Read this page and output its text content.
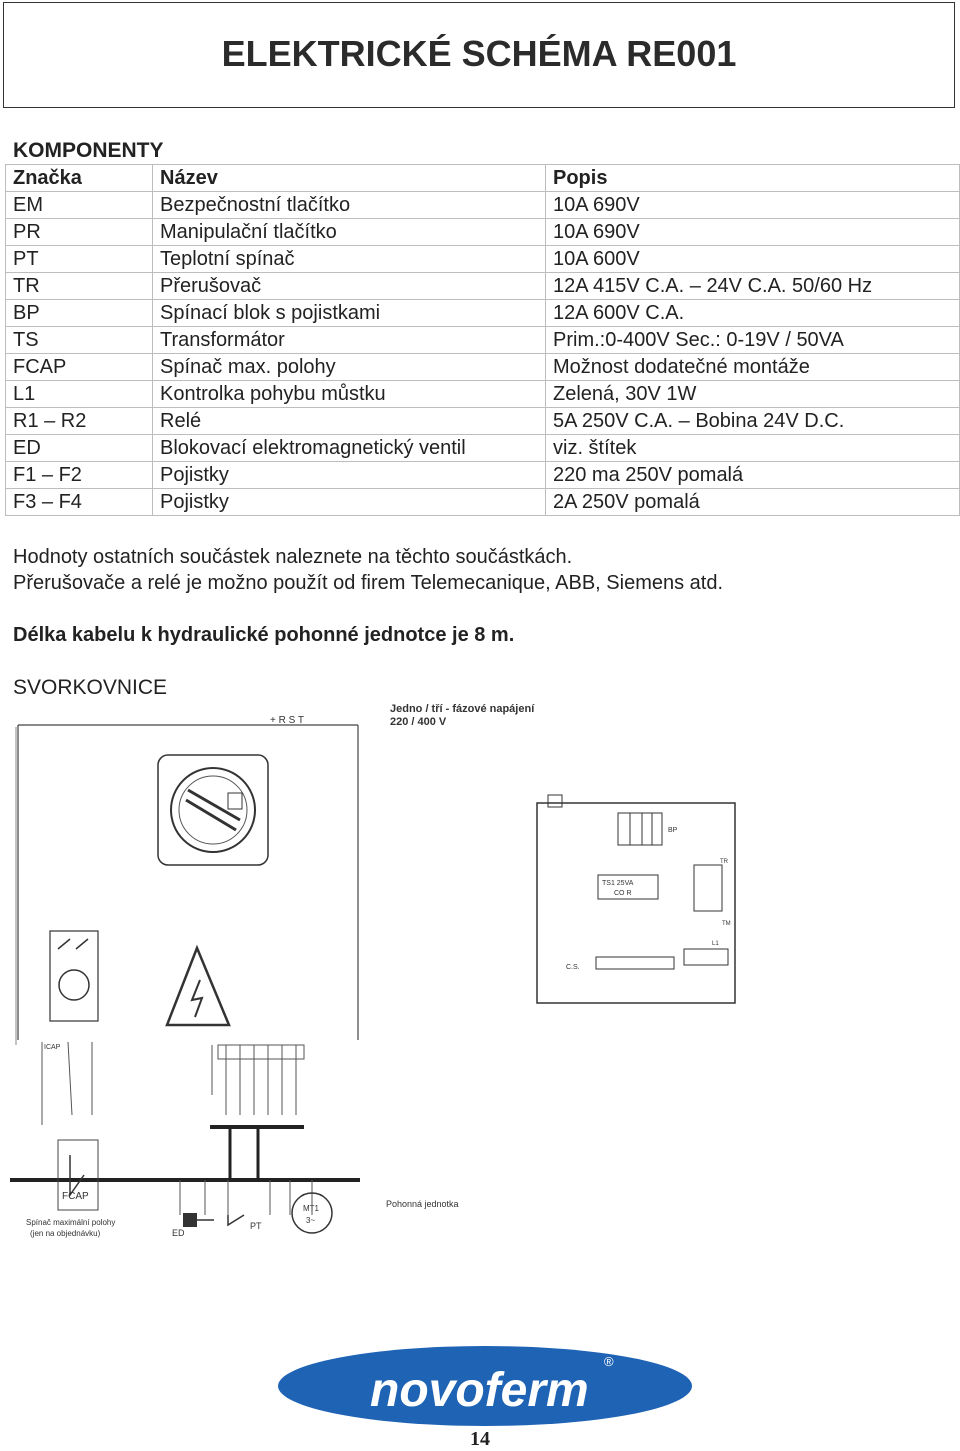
ELEKTRICKÉ SCHÉMA RE001
KOMPONENTY
Značka	Název	Popis
EM	Bezpečnostní tlačítko	10A 690V
PR	Manipulační tlačítko	10A 690V
PT	Teplotní spínač	10A 600V
TR	Přerušovač	12A 415V C.A. – 24V C.A. 50/60 Hz
BP	Spínací blok s pojistkami	12A 600V C.A.
TS	Transformátor	Prim.:0-400V Sec.: 0-19V / 50VA
FCAP	Spínač max. polohy	Možnost dodatečné montáže
L1	Kontrolka pohybu můstku	Zelená, 30V 1W
R1 – R2	Relé	5A 250V C.A. – Bobina 24V D.C.
ED	Blokovací elektromagnetický ventil	viz. štítek
F1 – F2	Pojistky	220 ma 250V pomalá
F3 – F4	Pojistky	2A 250V pomalá
Hodnoty ostatních součástek naleznete na těchto součástkách.
Přerušovače a relé je možno použít od firem Telemecanique, ABB, Siemens atd.
Délka kabelu k hydraulické pohonné jednotce je 8 m.
SVORKOVNICE
Jedno / tří - fázové napájení
220 / 400 V
+ R S T
ICAP
FCAP
Spínač maximální polohy
(jen na objednávku)	ED
PT
MT1
3~
Pohonná jednotka
BP
TS1 25VA
CO R
TR
TM
L1
C.S.
novoferm
®
14
